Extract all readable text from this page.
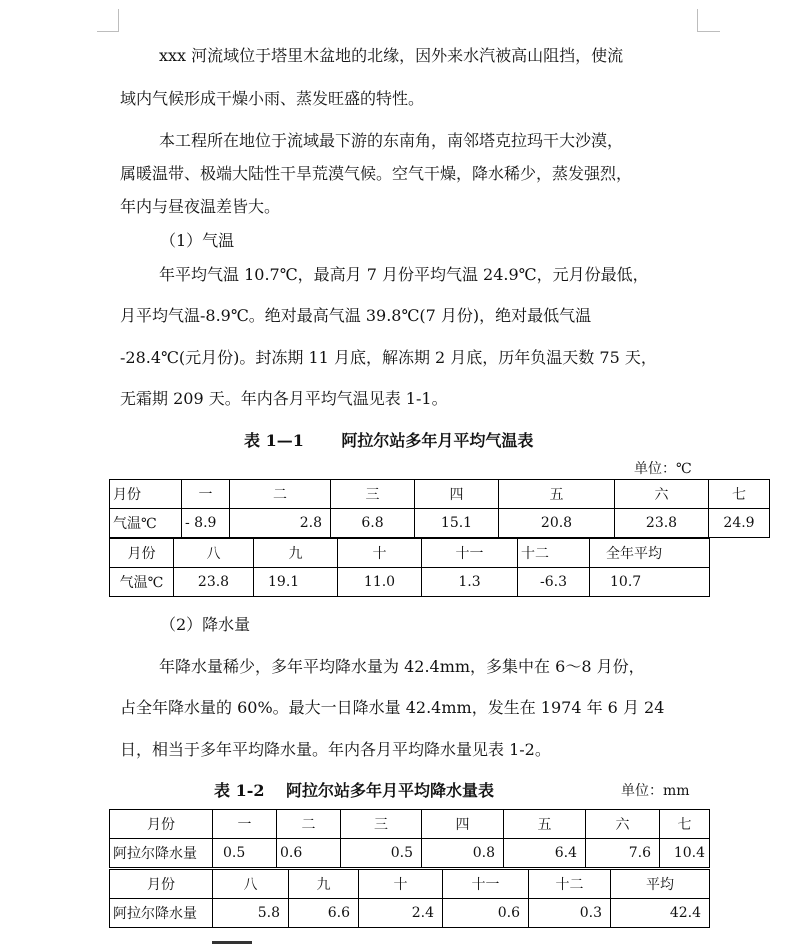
xxx 河流域位于塔里木盆地的北缘，因外来水汽被高山阻挡，使流

域内气候形成干燥小雨、蒸发旺盛的特性。

本工程所在地位于流域最下游的东南角，南邻塔克拉玛干大沙漠，

属暖温带、极端大陆性干旱荒漠气候。空气干燥，降水稀少，蒸发强烈，

年内与昼夜温差皆大。

（1）气温

年平均气温 10.7℃，最高月 7 月份平均气温 24.9℃，元月份最低，

月平均气温-8.9℃。绝对最高气温 39.8℃(7 月份)，绝对最低气温

-28.4℃(元月份)。封冻期 11 月底，解冻期 2 月底，历年负温天数 75 天，

无霜期 209 天。年内各月平均气温见表 1-1。

表 1—1　　 阿拉尔站多年月平均气温表
单位：℃
月份	一	二	三	四	五	六	七
气温℃	- 8.9	2.8	6.8	15.1	20.8	23.8	24.9
月份	八	九	十	十一	十二	全年平均
气温℃	23.8	19.1	11.0	1.3	-6.3	10.7
（2）降水量

年降水量稀少，多年平均降水量为 42.4mm，多集中在 6～8 月份，

占全年降水量的 60%。最大一日降水量 42.4mm，发生在 1974 年 6 月 24

日，相当于多年平均降水量。年内各月平均降水量见表 1-2。

表 1-2　 阿拉尔站多年月平均降水量表	单位：mm
月份	一	二	三	四	五	六	七
阿拉尔降水量	0.5	0.6	0.5	0.8	6.4	7.6	10.4
月份	八	九	十	十一	十二	平均
阿拉尔降水量	5.8	6.6	2.4	0.6	0.3	42.4
